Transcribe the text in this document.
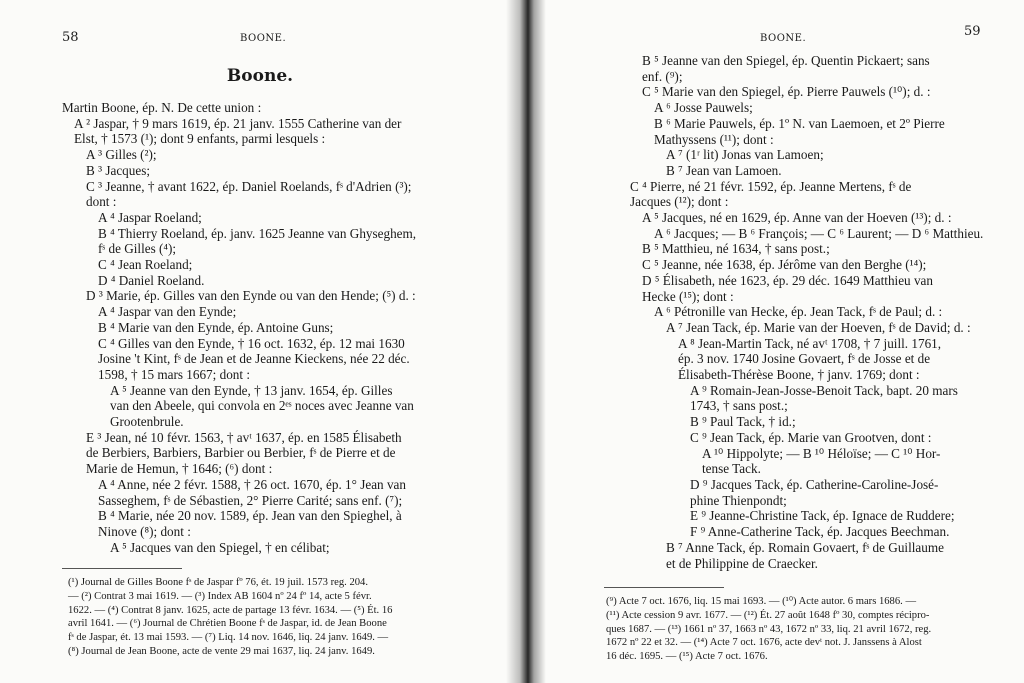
58	BOONE.
Boone.
Martin Boone, ép. N. De cette union :
A ² Jaspar, † 9 mars 1619, ép. 21 janv. 1555 Catherine van der
Elst, † 1573 (¹); dont 9 enfants, parmi lesquels :
A ³ Gilles (²);
B ³ Jacques;
C ³ Jeanne, † avant 1622, ép. Daniel Roelands, fˢ d'Adrien (³);
dont :
A ⁴ Jaspar Roeland;
B ⁴ Thierry Roeland, ép. janv. 1625 Jeanne van Ghyseghem,
fˢ de Gilles (⁴);
C ⁴ Jean Roeland;
D ⁴ Daniel Roeland.
D ³ Marie, ép. Gilles van den Eynde ou van den Hende; (⁵) d. :
A ⁴ Jaspar van den Eynde;
B ⁴ Marie van den Eynde, ép. Antoine Guns;
C ⁴ Gilles van den Eynde, † 16 oct. 1632, ép. 12 mai 1630
Josine 't Kint, fˢ de Jean et de Jeanne Kieckens, née 22 déc.
1598, † 15 mars 1667; dont :
A ⁵ Jeanne van den Eynde, † 13 janv. 1654, ép. Gilles
van den Abeele, qui convola en 2ᵉˢ noces avec Jeanne van
Grootenbrule.
E ³ Jean, né 10 févr. 1563, † avᵗ 1637, ép. en 1585 Élisabeth
de Berbiers, Barbiers, Barbier ou Berbier, fˢ de Pierre et de
Marie de Hemun, † 1646; (⁶) dont :
A ⁴ Anne, née 2 févr. 1588, † 26 oct. 1670, ép. 1° Jean van
Sasseghem, fˢ de Sébastien, 2° Pierre Carité; sans enf. (⁷);
B ⁴ Marie, née 20 nov. 1589, ép. Jean van den Spieghel, à
Ninove (⁸); dont :
A ⁵ Jacques van den Spiegel, † en célibat;
(¹) Journal de Gilles Boone fˢ de Jaspar fº 76, ét. 19 juil. 1573 reg. 204.
— (²) Contrat 3 mai 1619. — (³) Index AB 1604 nº 24 fº 14, acte 5 févr.
1622. — (⁴) Contrat 8 janv. 1625, acte de partage 13 févr. 1634. — (⁵) Ét. 16
avril 1641. — (⁶) Journal de Chrétien Boone fˢ de Jaspar, id. de Jean Boone
fˢ de Jaspar, ét. 13 mai 1593. — (⁷) Liq. 14 nov. 1646, liq. 24 janv. 1649. —
(⁸) Journal de Jean Boone, acte de vente 29 mai 1637, liq. 24 janv. 1649.
59
BOONE.
B ⁵ Jeanne van den Spiegel, ép. Quentin Pickaert; sans
enf. (⁹);
C ⁵ Marie van den Spiegel, ép. Pierre Pauwels (¹⁰); d. :
A ⁶ Josse Pauwels;
B ⁶ Marie Pauwels, ép. 1º N. van Laemoen, et 2º Pierre
Mathyssens (¹¹); dont :
A ⁷ (1ʳ lit) Jonas van Lamoen;
B ⁷ Jean van Lamoen.
C ⁴ Pierre, né 21 févr. 1592, ép. Jeanne Mertens, fˢ de
Jacques (¹²); dont :
A ⁵ Jacques, né en 1629, ép. Anne van der Hoeven (¹³); d. :
A ⁶ Jacques; — B ⁶ François; — C ⁶ Laurent; — D ⁶ Matthieu.
B ⁵ Matthieu, né 1634, † sans post.;
C ⁵ Jeanne, née 1638, ép. Jérôme van den Berghe (¹⁴);
D ⁵ Élisabeth, née 1623, ép. 29 déc. 1649 Matthieu van
Hecke (¹⁵); dont :
A ⁶ Pétronille van Hecke, ép. Jean Tack, fˢ de Paul; d. :
A ⁷ Jean Tack, ép. Marie van der Hoeven, fˢ de David; d. :
A ⁸ Jean-Martin Tack, né avᵗ 1708, † 7 juill. 1761,
ép. 3 nov. 1740 Josine Govaert, fˢ de Josse et de
Élisabeth-Thérèse Boone, † janv. 1769; dont :
A ⁹ Romain-Jean-Josse-Benoit Tack, bapt. 20 mars
1743, † sans post.;
B ⁹ Paul Tack, † id.;
C ⁹ Jean Tack, ép. Marie van Grootven, dont :
A ¹⁰ Hippolyte; — B ¹⁰ Héloïse; — C ¹⁰ Hor-
tense Tack.
D ⁹ Jacques Tack, ép. Catherine-Caroline-José-
phine Thienpondt;
E ⁹ Jeanne-Christine Tack, ép. Ignace de Ruddere;
F ⁹ Anne-Catherine Tack, ép. Jacques Beechman.
B ⁷ Anne Tack, ép. Romain Govaert, fˢ de Guillaume
et de Philippine de Craecker.
(⁹) Acte 7 oct. 1676, liq. 15 mai 1693. — (¹⁰) Acte autor. 6 mars 1686. —
(¹¹) Acte cession 9 avr. 1677. — (¹²) Ét. 27 août 1648 fº 30, comptes récipro-
ques 1687. — (¹³) 1661 nº 37, 1663 nº 43, 1672 nº 33, liq. 21 avril 1672, reg.
1672 nº 22 et 32. — (¹⁴) Acte 7 oct. 1676, acte devᵗ not. J. Janssens à Alost
16 déc. 1695. — (¹⁵) Acte 7 oct. 1676.
